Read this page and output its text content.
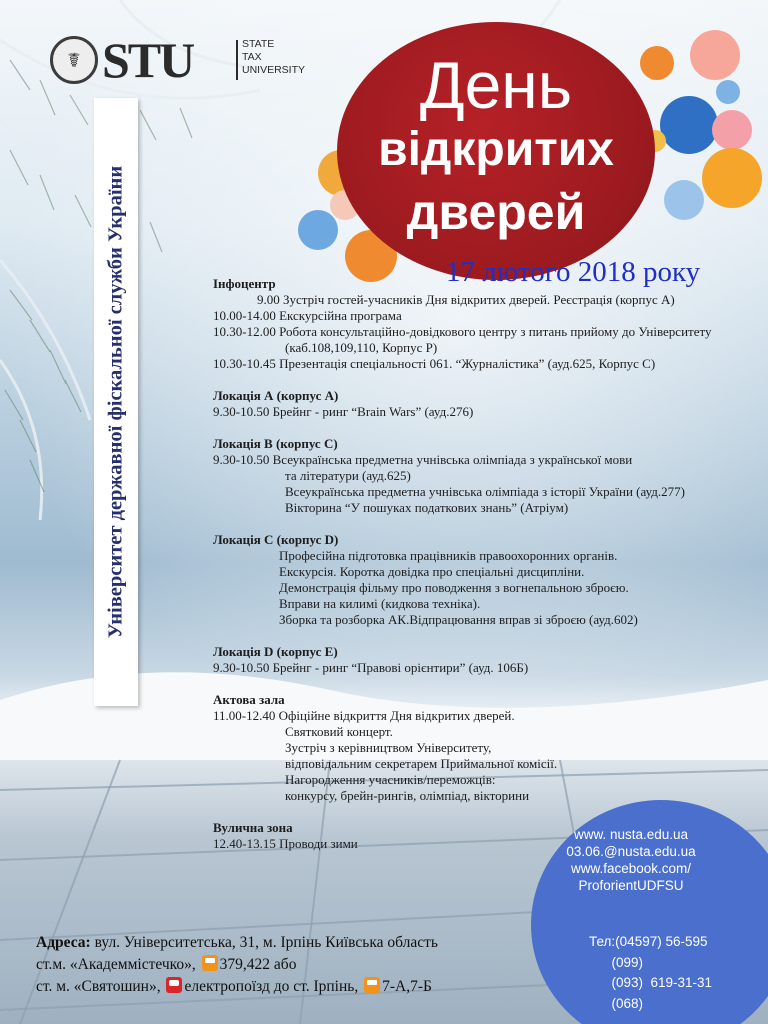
☤ STU	STATE
TAX
UNIVERSITY
Університет державної фіскальної служби України
День
відкритих
дверей
17 лютого 2018 року
Інфоцентр
9.00 Зустріч гостей-учасників Дня відкритих дверей. Реєстрація (корпус А)
10.00-14.00 Екскурсійна програма
10.30-12.00 Робота консультаційно-довідкового центру з питань прийому до Університету
(каб.108,109,110, Корпус Р)
10.30-10.45 Презентація спеціальності 061. “Журналістика” (ауд.625, Корпус С)
Локація А (корпус А)
9.30-10.50 Брейнг - ринг “Brain Wars” (ауд.276)
Локація В (корпус С)
9.30-10.50 Всеукраїнська предметна учнівська олімпіада з української мови
та літератури (ауд.625)
Всеукраїнська предметна учнівська олімпіада з історії України (ауд.277)
Вікторина “У пошуках податкових знань” (Атріум)
Локація С (корпус D)
Професійна підготовка працівників правоохоронних органів.
Екскурсія. Коротка довідка про спеціальні дисципліни.
Демонстрація фільму про поводження з вогнепальною зброєю.
Вправи на килимі (кидкова техніка).
Зборка та розборка АК.Відпрацювання вправ зі зброєю (ауд.602)
Локація D (корпус E)
9.30-10.50 Брейнг - ринг “Правові орієнтири” (ауд. 106Б)
Актова зала
11.00-12.40 Офіційне відкриття Дня відкритих дверей.
Святковий концерт.
Зустріч з керівництвом Університету,
відповідальним секретарем Приймальної комісії.
Нагородження учасників/переможців:
конкурсу, брейн-рингів, олімпіад, вікторини
Вулична зона
12.40-13.15 Проводи зими
Адреса: вул. Університетська, 31, м. Ірпінь Київська область
ст.м. «Академмістечко», 379,422 або
ст. м. «Святошин», електропоїзд до ст. Ірпінь, 7-А,7-Б
www. nusta.edu.ua
03.06.@nusta.edu.ua
www.facebook.com/
ProforientUDFSU
Тел:(04597) 56-595
(099)
(093)  619-31-31
(068)
